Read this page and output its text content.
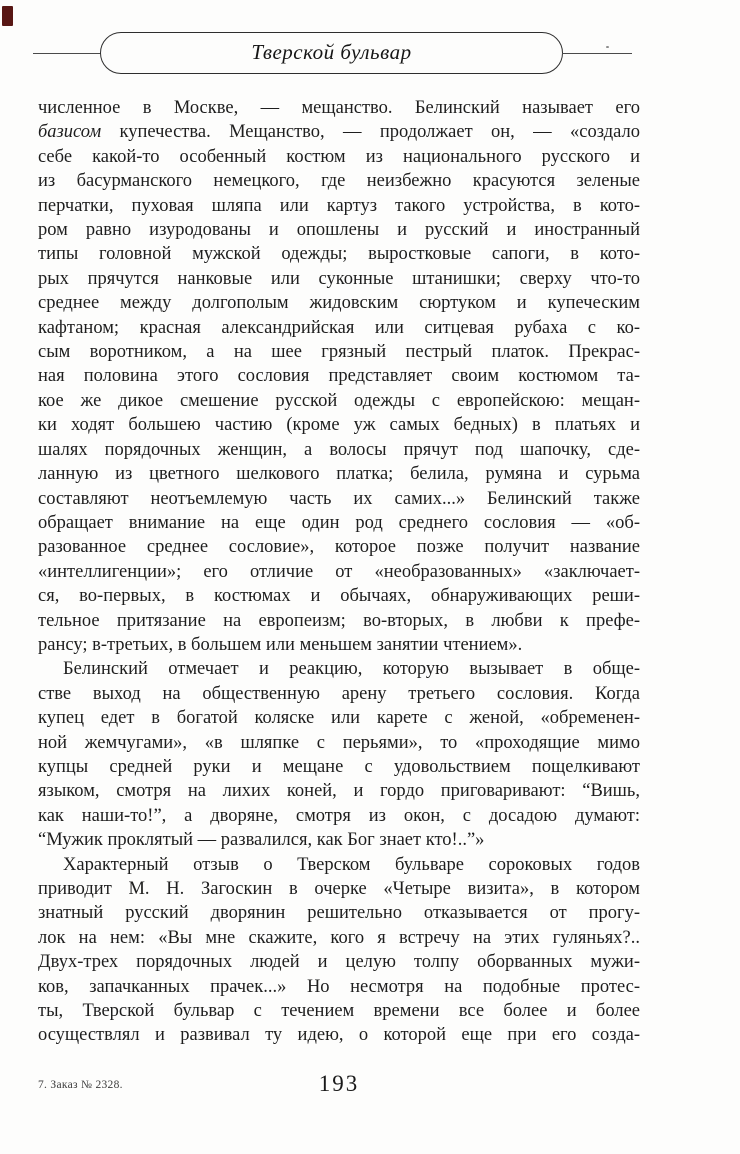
Тверской бульвар
численное в Москве, — мещанство. Белинский называет его
базисом купечества. Мещанство, — продолжает он, — «создало
себе какой-то особенный костюм из национального русского и
из басурманского немецкого, где неизбежно красуются зеленые
перчатки, пуховая шляпа или картуз такого устройства, в кото-
ром равно изуродованы и опошлены и русский и иностранный
типы головной мужской одежды; выростковые сапоги, в кото-
рых прячутся нанковые или суконные штанишки; сверху что-то
среднее между долгополым жидовским сюртуком и купеческим
кафтаном; красная александрийская или ситцевая рубаха с ко-
сым воротником, а на шее грязный пестрый платок. Прекрас-
ная половина этого сословия представляет своим костюмом та-
кое же дикое смешение русской одежды с европейскою: мещан-
ки ходят большею частию (кроме уж самых бедных) в платьях и
шалях порядочных женщин, а волосы прячут под шапочку, сде-
ланную из цветного шелкового платка; белила, румяна и сурьма
составляют неотъемлемую часть их самих...» Белинский также
обращает внимание на еще один род среднего сословия — «об-
разованное среднее сословие», которое позже получит название
«интеллигенции»; его отличие от «необразованных» «заключает-
ся, во-первых, в костюмах и обычаях, обнаруживающих реши-
тельное притязание на европеизм; во-вторых, в любви к префе-
рансу; в-третьих, в большем или меньшем занятии чтением».
Белинский отмечает и реакцию, которую вызывает в обще-
стве выход на общественную арену третьего сословия. Когда
купец едет в богатой коляске или карете с женой, «обременен-
ной жемчугами», «в шляпке с перьями», то «проходящие мимо
купцы средней руки и мещане с удовольствием пощелкивают
языком, смотря на лихих коней, и гордо приговаривают: “Вишь,
как наши-то!”, а дворяне, смотря из окон, с досадою думают:
“Мужик проклятый — развалился, как Бог знает кто!..”»
Характерный отзыв о Тверском бульваре сороковых годов
приводит М. Н. Загоскин в очерке «Четыре визита», в котором
знатный русский дворянин решительно отказывается от прогу-
лок на нем: «Вы мне скажите, кого я встречу на этих гуляньях?..
Двух-трех порядочных людей и целую толпу оборванных мужи-
ков, запачканных прачек...» Но несмотря на подобные протес-
ты, Тверской бульвар с течением времени все более и более
осуществлял и развивал ту идею, о которой еще при его созда-
7. Заказ № 2328.	193
